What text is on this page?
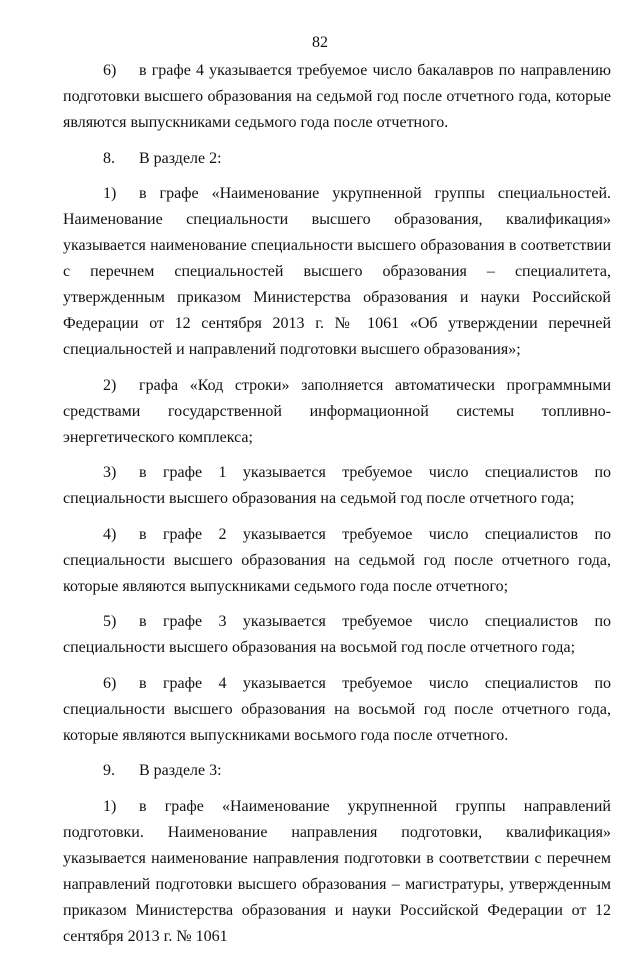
82

6) в графе 4 указывается требуемое число бакалавров по направлению подготовки высшего образования на седьмой год после отчетного года, которые являются выпускниками седьмого года после отчетного.

8. В разделе 2:

1) в графе «Наименование укрупненной группы специальностей. Наименование специальности высшего образования, квалификация» указывается наименование специальности высшего образования в соответствии с перечнем специальностей высшего образования – специалитета, утвержденным приказом Министерства образования и науки Российской Федерации от 12 сентября 2013 г. № 1061 «Об утверждении перечней специальностей и направлений подготовки высшего образования»;

2) графа «Код строки» заполняется автоматически программными средствами государственной информационной системы топливно-энергетического комплекса;

3) в графе 1 указывается требуемое число специалистов по специальности высшего образования на седьмой год после отчетного года;

4) в графе 2 указывается требуемое число специалистов по специальности высшего образования на седьмой год после отчетного года, которые являются выпускниками седьмого года после отчетного;

5) в графе 3 указывается требуемое число специалистов по специальности высшего образования на восьмой год после отчетного года;

6) в графе 4 указывается требуемое число специалистов по специальности высшего образования на восьмой год после отчетного года, которые являются выпускниками восьмого года после отчетного.

9. В разделе 3:

1) в графе «Наименование укрупненной группы направлений подготовки. Наименование направления подготовки, квалификация» указывается наименование направления подготовки в соответствии с перечнем направлений подготовки высшего образования – магистратуры, утвержденным приказом Министерства образования и науки Российской Федерации от 12 сентября 2013 г. № 1061
